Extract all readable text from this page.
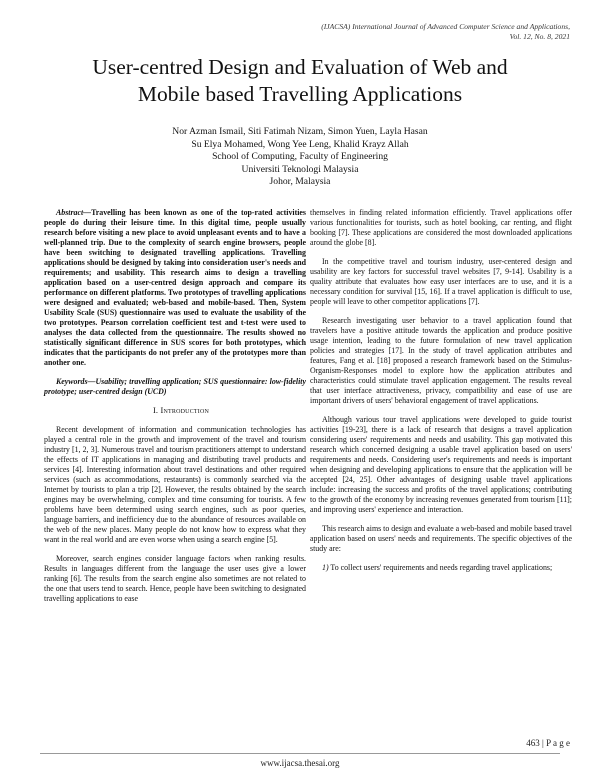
(IJACSA) International Journal of Advanced Computer Science and Applications,
Vol. 12, No. 8, 2021
User-centred Design and Evaluation of Web and
Mobile based Travelling Applications
Nor Azman Ismail, Siti Fatimah Nizam, Simon Yuen, Layla Hasan
Su Elya Mohamed, Wong Yee Leng, Khalid Krayz Allah
School of Computing, Faculty of Engineering
Universiti Teknologi Malaysia
Johor, Malaysia

Abstract—Travelling has been known as one of the top-rated activities people do during their leisure time. In this digital time, people usually research before visiting a new place to avoid unpleasant events and to have a well-planned trip. Due to the complexity of search engine browsers, people have been switching to designated travelling applications. Travelling applications should be designed by taking into consideration user's needs and requirements; and usability. This research aims to design a travelling application based on a user-centred design approach and compare its performance on different platforms. Two prototypes of travelling applications were designed and evaluated; web-based and mobile-based. Then, System Usability Scale (SUS) questionnaire was used to evaluate the usability of the two prototypes. Pearson correlation coefficient test and t-test were used to analyses the data collected from the questionnaire. The results showed no statistically significant difference in SUS scores for both prototypes, which indicates that the participants do not prefer any of the prototypes more than another one.

Keywords—Usability; travelling application; SUS questionnaire: low-fidelity prototype; user-centred design (UCD)

I. Introduction

Recent development of information and communication technologies has played a central role in the growth and improvement of the travel and tourism industry [1, 2, 3]. Numerous travel and tourism practitioners attempt to understand the effects of IT applications in managing and distributing travel products and services [4]. Interesting information about travel destinations and other required services (such as accommodations, restaurants) is commonly searched via the Internet by tourists to plan a trip [2]. However, the results obtained by the search engines may be overwhelming, complex and time consuming for tourists. A few problems have been determined using search engines, such as poor queries, language barriers, and inefficiency due to the abundance of resources available on the web of the new places. Many people do not know how to express what they want in the real world and are even worse when using a search engine [5].

Moreover, search engines consider language factors when ranking results. Results in languages different from the language the user uses give a lower ranking [6]. The results from the search engine also sometimes are not related to the one that users tend to search. Hence, people have been switching to designated travelling applications to ease

themselves in finding related information efficiently. Travel applications offer various functionalities for tourists, such as hotel booking, car renting, and flight booking [7]. These applications are considered the most downloaded applications around the globe [8].

In the competitive travel and tourism industry, user-centered design and usability are key factors for successful travel websites [7, 9-14]. Usability is a quality attribute that evaluates how easy user interfaces are to use, and it is a necessary condition for survival [15, 16]. If a travel application is difficult to use, people will leave to other competitor applications [7].

Research investigating user behavior to a travel application found that travelers have a positive attitude towards the application and produce positive usage intention, leading to the future formulation of new travel application policies and strategies [17]. In the study of travel application attributes and features, Fang et al. [18] proposed a research framework based on the Stimulus-Organism-Responses model to explore how the application attributes and characteristics could stimulate travel application engagement. The results reveal that user interface attractiveness, privacy, compatibility and ease of use are important drivers of users' behavioral engagement of travel applications.

Although various tour travel applications were developed to guide tourist activities [19-23], there is a lack of research that designs a travel application considering users' requirements and needs and usability. This gap motivated this research which concerned designing a usable travel application based on users' requirements and needs. Considering user's requirements and needs is important when designing and developing applications to ensure that the application will be accepted [24, 25]. Other advantages of designing usable travel applications include: increasing the success and profits of the travel applications; contributing to the growth of the economy by increasing revenues generated from tourism [11]; and improving users' experience and interaction.

This research aims to design and evaluate a web-based and mobile based travel application based on users' needs and requirements. The specific objectives of the study are:

1) To collect users' requirements and needs regarding travel applications;

463 | P a g e
www.ijacsa.thesai.org
